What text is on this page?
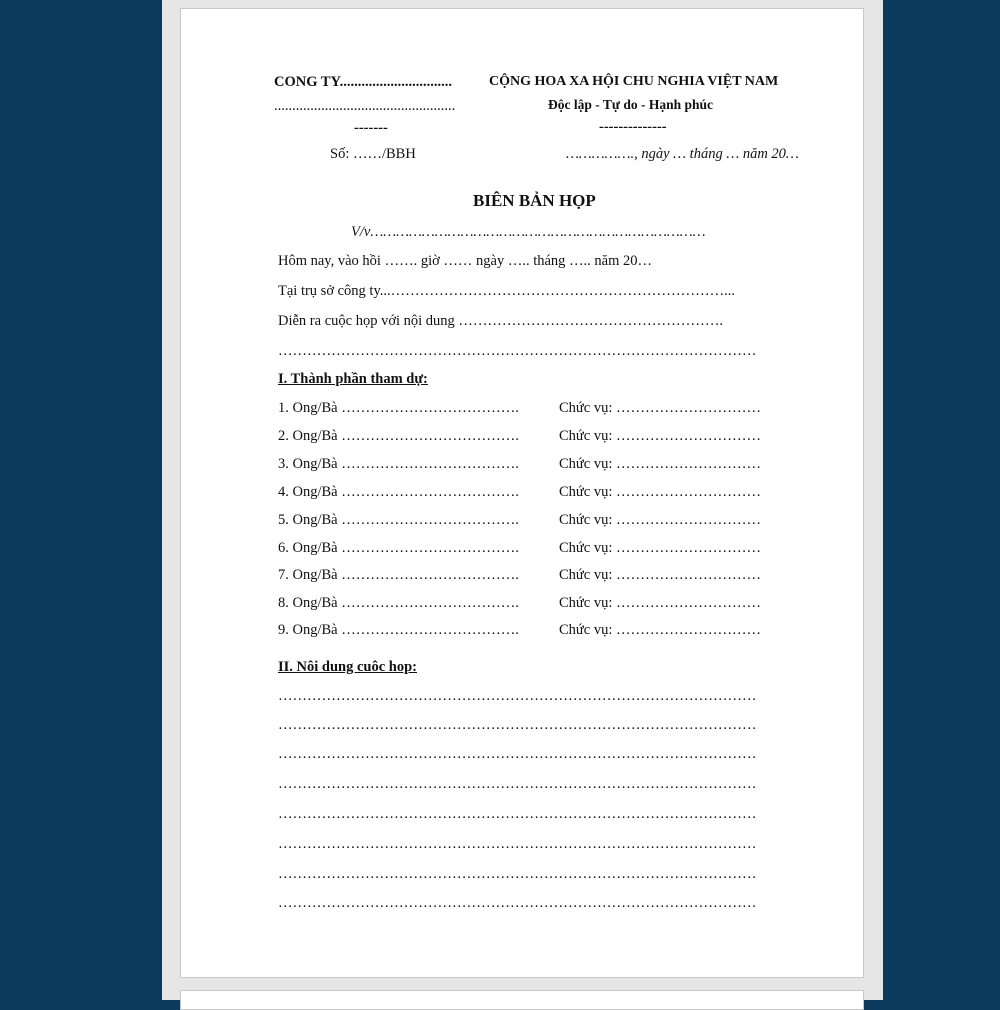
CONG TY...............................
..................................................
-------
Số: ……/BBH
CỘNG HOA XA HỘI CHU NGHIA VIỆT NAM
Độc lập - Tự do - Hạnh phúc
--------------
……………., ngày … tháng … năm 20…
BIÊN BẢN HỌP
V/v……………………………………………………………………
Hôm nay, vào hồi ……. giờ …… ngày ….. tháng ….. năm 20…
Tại trụ sở công ty...……………………………………………………………...
Diễn ra cuộc họp với nội dung ……………………………………………….
………………………………………………………………………………………
I. Thành phần tham dự:
1. Ông/Bà ……………………………….	Chức vụ: …………………………
2. Ông/Bà ……………………………….	Chức vụ: …………………………
3. Ông/Bà ……………………………….	Chức vụ: …………………………
4. Ông/Bà ……………………………….	Chức vụ: …………………………
5. Ông/Bà ……………………………….	Chức vụ: …………………………
6. Ông/Bà ……………………………….	Chức vụ: …………………………
7. Ông/Bà ……………………………….	Chức vụ: …………………………
8. Ông/Bà ……………………………….	Chức vụ: …………………………
9. Ong/Bà ……………………………….	Chức vụ: …………………………
II. Nôi dung cuôc hop:
………………………………………………………………………………………
………………………………………………………………………………………
………………………………………………………………………………………
………………………………………………………………………………………
………………………………………………………………………………………
………………………………………………………………………………………
………………………………………………………………………………………
………………………………………………………………………………………
